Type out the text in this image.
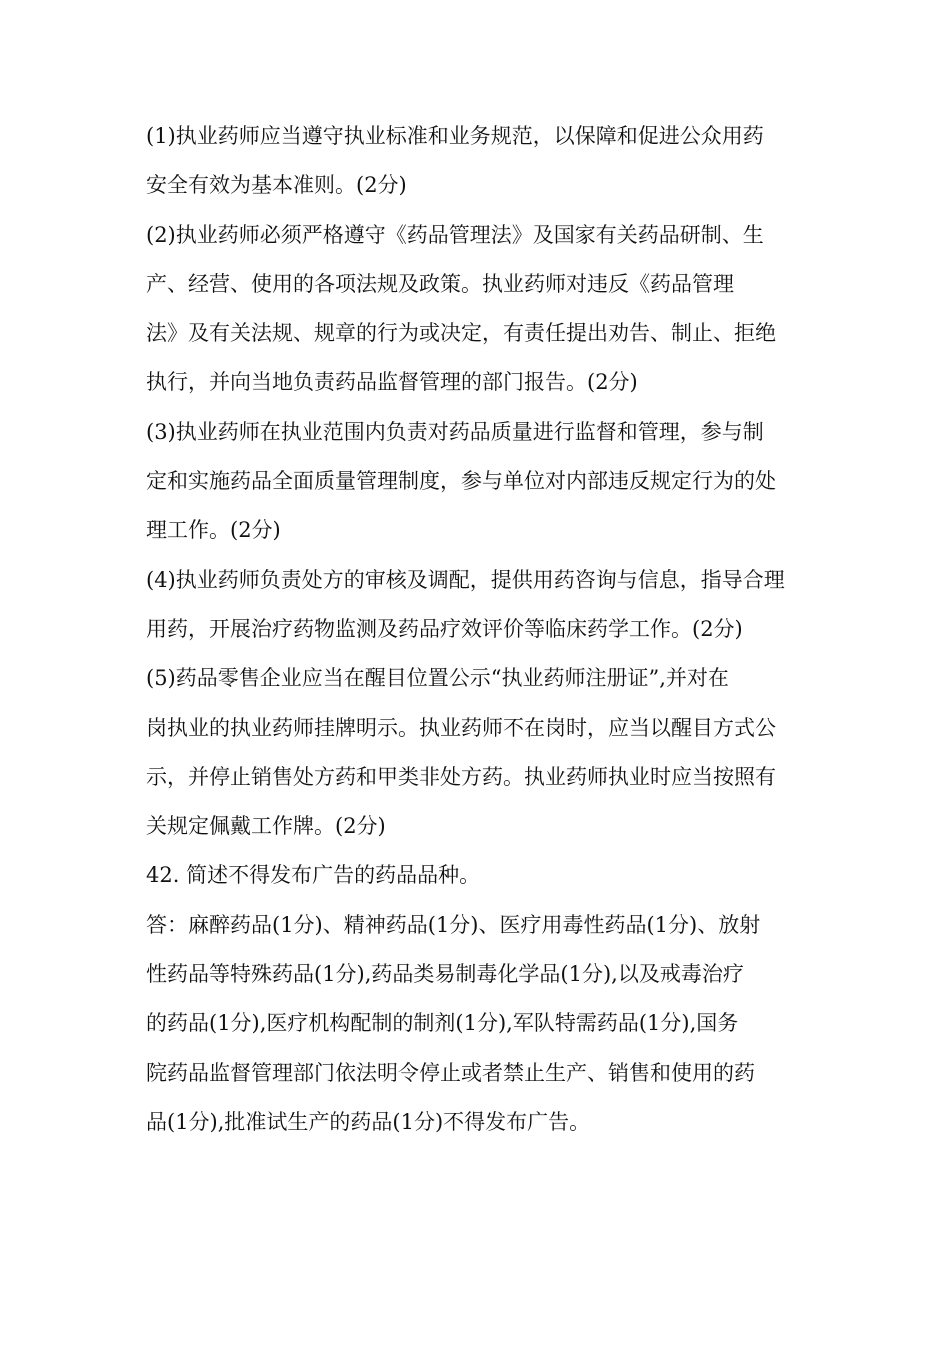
(1)执业药师应当遵守执业标准和业务规范，以保障和促进公众用药
安全有效为基本准则。(2分)
(2)执业药师必须严格遵守《药品管理法》及国家有关药品研制、生
产、经营、使用的各项法规及政策。执业药师对违反《药品管理
法》及有关法规、规章的行为或决定，有责任提出劝告、制止、拒绝
执行，并向当地负责药品监督管理的部门报告。(2分)
(3)执业药师在执业范围内负责对药品质量进行监督和管理，参与制
定和实施药品全面质量管理制度，参与单位对内部违反规定行为的处
理工作。(2分)
(4)执业药师负责处方的审核及调配，提供用药咨询与信息，指导合理
用药，开展治疗药物监测及药品疗效评价等临床药学工作。(2分)
(5)药品零售企业应当在醒目位置公示“执业药师注册证”,并对在
岗执业的执业药师挂牌明示。执业药师不在岗时，应当以醒目方式公
示，并停止销售处方药和甲类非处方药。执业药师执业时应当按照有
关规定佩戴工作牌。(2分)
42. 简述不得发布广告的药品品种。
答：麻醉药品(1分)、精神药品(1分)、医疗用毒性药品(1分)、放射
性药品等特殊药品(1分),药品类易制毒化学品(1分),以及戒毒治疗
的药品(1分),医疗机构配制的制剂(1分),军队特需药品(1分),国务
院药品监督管理部门依法明令停止或者禁止生产、销售和使用的药
品(1分),批准试生产的药品(1分)不得发布广告。
